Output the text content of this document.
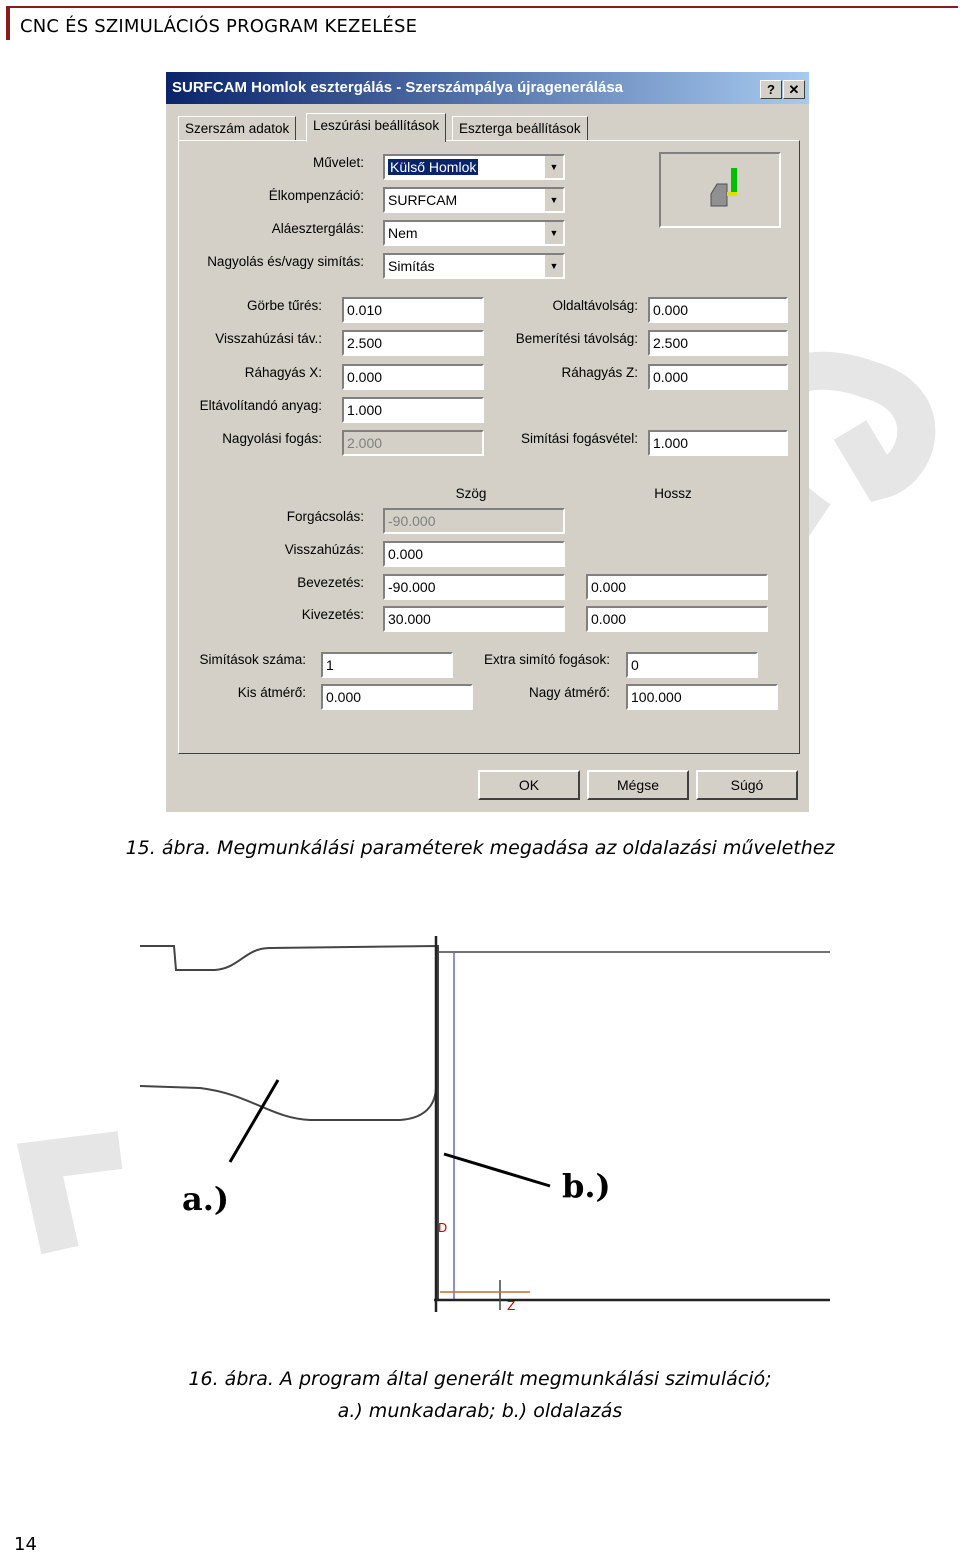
CNC ÉS SZIMULÁCIÓS PROGRAM KEZELÉSE
SURFCAM Homlok esztergálás - Szerszámpálya újragenerálása	?	✕
Szerszám adatok	Leszúrási beállítások	Eszterga beállítások
Művelet:	Külső Homlok	▼
Élkompenzáció:	SURFCAM	▼
Aláesztergálás:	Nem	▼
Nagyolás és/vagy simítás:	Simítás	▼
Görbe tűrés:	0.010
Visszahúzási táv.:	2.500
Ráhagyás X:	0.000
Eltávolítandó anyag:	1.000
Nagyolási fogás:	2.000
Oldaltávolság:	0.000
Bemerítési távolság:	2.500
Ráhagyás Z:	0.000
Simítási fogásvétel:	1.000
Szög	Hossz
Forgácsolás:	-90.000
Visszahúzás:	0.000
Bevezetés:	-90.000	0.000
Kivezetés:	30.000	0.000
Simítások száma:	1	Extra simító fogások:	0
Kis átmérő:	0.000	Nagy átmérő:	100.000
OK	Mégse	Súgó
15. ábra. Megmunkálási paraméterek megadása az oldalazási művelethez
a.)	b.)
D
Z
16. ábra. A program által generált megmunkálási szimuláció;
a.) munkadarab; b.) oldalazás
14
